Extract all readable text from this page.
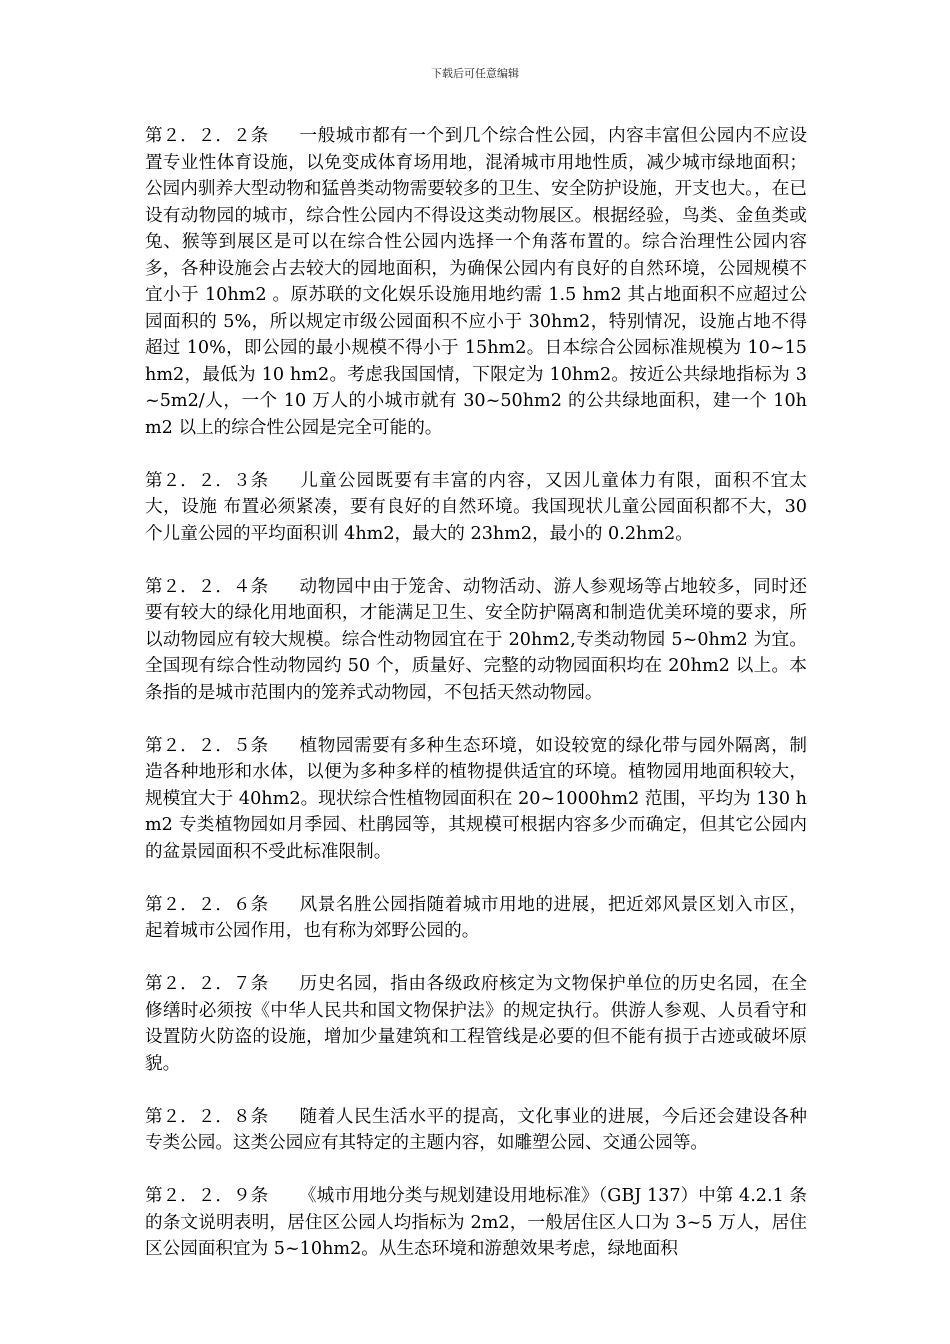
下载后可任意编辑

第２．２．２条 一般城市都有一个到几个综合性公园，内容丰富但公园内不应设置专业性体育设施，以免变成体育场用地，混淆城市用地性质，减少城市绿地面积；公园内驯养大型动物和猛兽类动物需要较多的卫生、安全防护设施，开支也大。，在已设有动物园的城市，综合性公园内不得设这类动物展区。根据经验，鸟类、金鱼类或兔、猴等到展区是可以在综合性公园内选择一个角落布置的。综合治理性公园内容多，各种设施会占去较大的园地面积，为确保公园内有良好的自然环境，公园规模不宜小于 10hm2 。原苏联的文化娱乐设施用地约需 1.5 hm2 其占地面积不应超过公园面积的 5%，所以规定市级公园面积不应小于 30hm2，特别情况，设施占地不得超过 10%，即公园的最小规模不得小于 15hm2。日本综合公园标准规模为 10~15 hm2，最低为 10 hm2。考虑我国国情，下限定为 10hm2。按近公共绿地指标为 3~5m2/人，一个 10 万人的小城市就有 30~50hm2 的公共绿地面积，建一个 10hm2 以上的综合性公园是完全可能的。

第２．２．３条 儿童公园既要有丰富的内容，又因儿童体力有限，面积不宜太大，设施 布置必须紧凑，要有良好的自然环境。我国现状儿童公园面积都不大，30 个儿童公园的平均面积训 4hm2，最大的 23hm2，最小的 0.2hm2。

第２．２．４条 动物园中由于笼舍、动物活动、游人参观场等占地较多，同时还要有较大的绿化用地面积，才能满足卫生、安全防护隔离和制造优美环境的要求，所以动物园应有较大规模。综合性动物园宜在于 20hm2,专类动物园 5~0hm2 为宜。全国现有综合性动物园约 50 个，质量好、完整的动物园面积均在 20hm2 以上。本条指的是城市范围内的笼养式动物园，不包括天然动物园。

第２．２．５条 植物园需要有多种生态环境，如设较宽的绿化带与园外隔离，制造各种地形和水体，以便为多种多样的植物提供适宜的环境。植物园用地面积较大，规模宜大于 40hm2。现状综合性植物园面积在 20~1000hm2 范围，平均为 130 hm2 专类植物园如月季园、杜鹃园等，其规模可根据内容多少而确定，但其它公园内的盆景园面积不受此标准限制。

第２．２．６条 风景名胜公园指随着城市用地的进展，把近郊风景区划入市区，起着城市公园作用，也有称为郊野公园的。

第２．２．７条 历史名园，指由各级政府核定为文物保护单位的历史名园，在全修缮时必须按《中华人民共和国文物保护法》的规定执行。供游人参观、人员看守和设置防火防盗的设施，增加少量建筑和工程管线是必要的但不能有损于古迹或破坏原貌。

第２．２．８条 随着人民生活水平的提高，文化事业的进展，今后还会建设各种专类公园。这类公园应有其特定的主题内容，如雕塑公园、交通公园等。

第２．２．９条 《城市用地分类与规划建设用地标准》（GBJ 137）中第 4.2.1 条的条文说明表明，居住区公园人均指标为 2m2，一般居住区人口为 3~5 万人，居住区公园面积宜为 5~10hm2。从生态环境和游憩效果考虑，绿地面积
